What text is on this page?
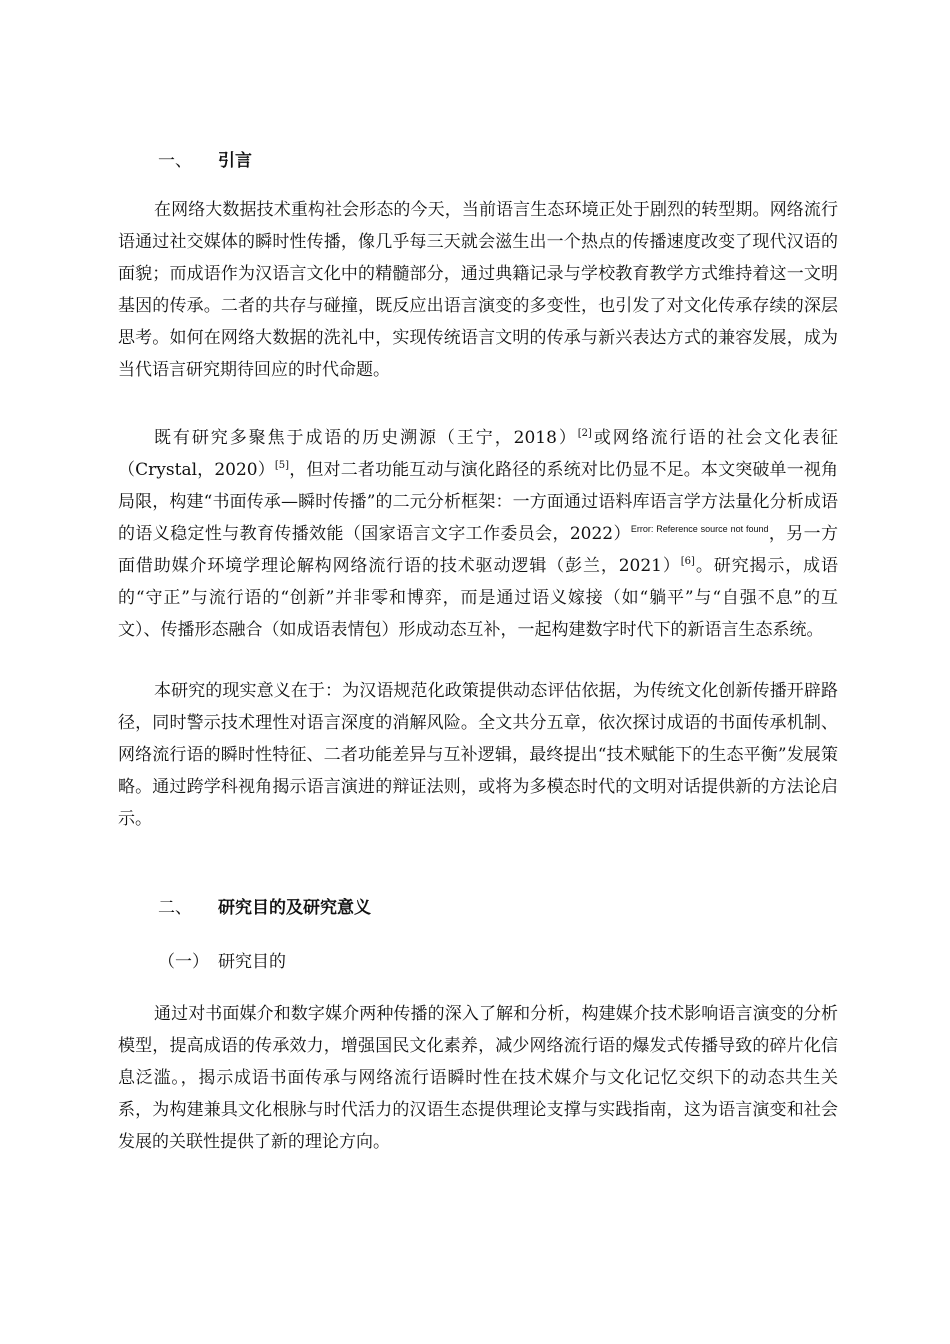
一、 引言

在网络大数据技术重构社会形态的今天，当前语言生态环境正处于剧烈的转型期。网络流行语通过社交媒体的瞬时性传播，像几乎每三天就会滋生出一个热点的传播速度改变了现代汉语的面貌；而成语作为汉语言文化中的精髓部分，通过典籍记录与学校教育教学方式维持着这一文明基因的传承。二者的共存与碰撞，既反应出语言演变的多变性，也引发了对文化传承存续的深层思考。如何在网络大数据的洗礼中，实现传统语言文明的传承与新兴表达方式的兼容发展，成为当代语言研究期待回应的时代命题。

既有研究多聚焦于成语的历史溯源（王宁，2018）[2]或网络流行语的社会文化表征（Crystal，2020）[5]，但对二者功能互动与演化路径的系统对比仍显不足。本文突破单一视角局限，构建“书面传承—瞬时传播”的二元分析框架：一方面通过语料库语言学方法量化分析成语的语义稳定性与教育传播效能（国家语言文字工作委员会，2022）$^{Error: Reference source not found}$，另一方面借助媒介环境学理论解构网络流行语的技术驱动逻辑（彭兰，2021）[6]。研究揭示，成语的“守正”与流行语的“创新”并非零和博弈，而是通过语义嫁接（如“躺平”与“自强不息”的互文）、传播形态融合（如成语表情包）形成动态互补，一起构建数字时代下的新语言生态系统。

本研究的现实意义在于：为汉语规范化政策提供动态评估依据，为传统文化创新传播开辟路径，同时警示技术理性对语言深度的消解风险。全文共分五章，依次探讨成语的书面传承机制、网络流行语的瞬时性特征、二者功能差异与互补逻辑，最终提出“技术赋能下的生态平衡”发展策略。通过跨学科视角揭示语言演进的辩证法则，或将为多模态时代的文明对话提供新的方法论启示。

二、 研究目的及研究意义
（一） 研究目的

通过对书面媒介和数字媒介两种传播的深入了解和分析，构建媒介技术影响语言演变的分析模型，提高成语的传承效力，增强国民文化素养，减少网络流行语的爆发式传播导致的碎片化信息泛滥。，揭示成语书面传承与网络流行语瞬时性在技术媒介与文化记忆交织下的动态共生关系，为构建兼具文化根脉与时代活力的汉语生态提供理论支撑与实践指南，这为语言演变和社会发展的关联性提供了新的理论方向。
